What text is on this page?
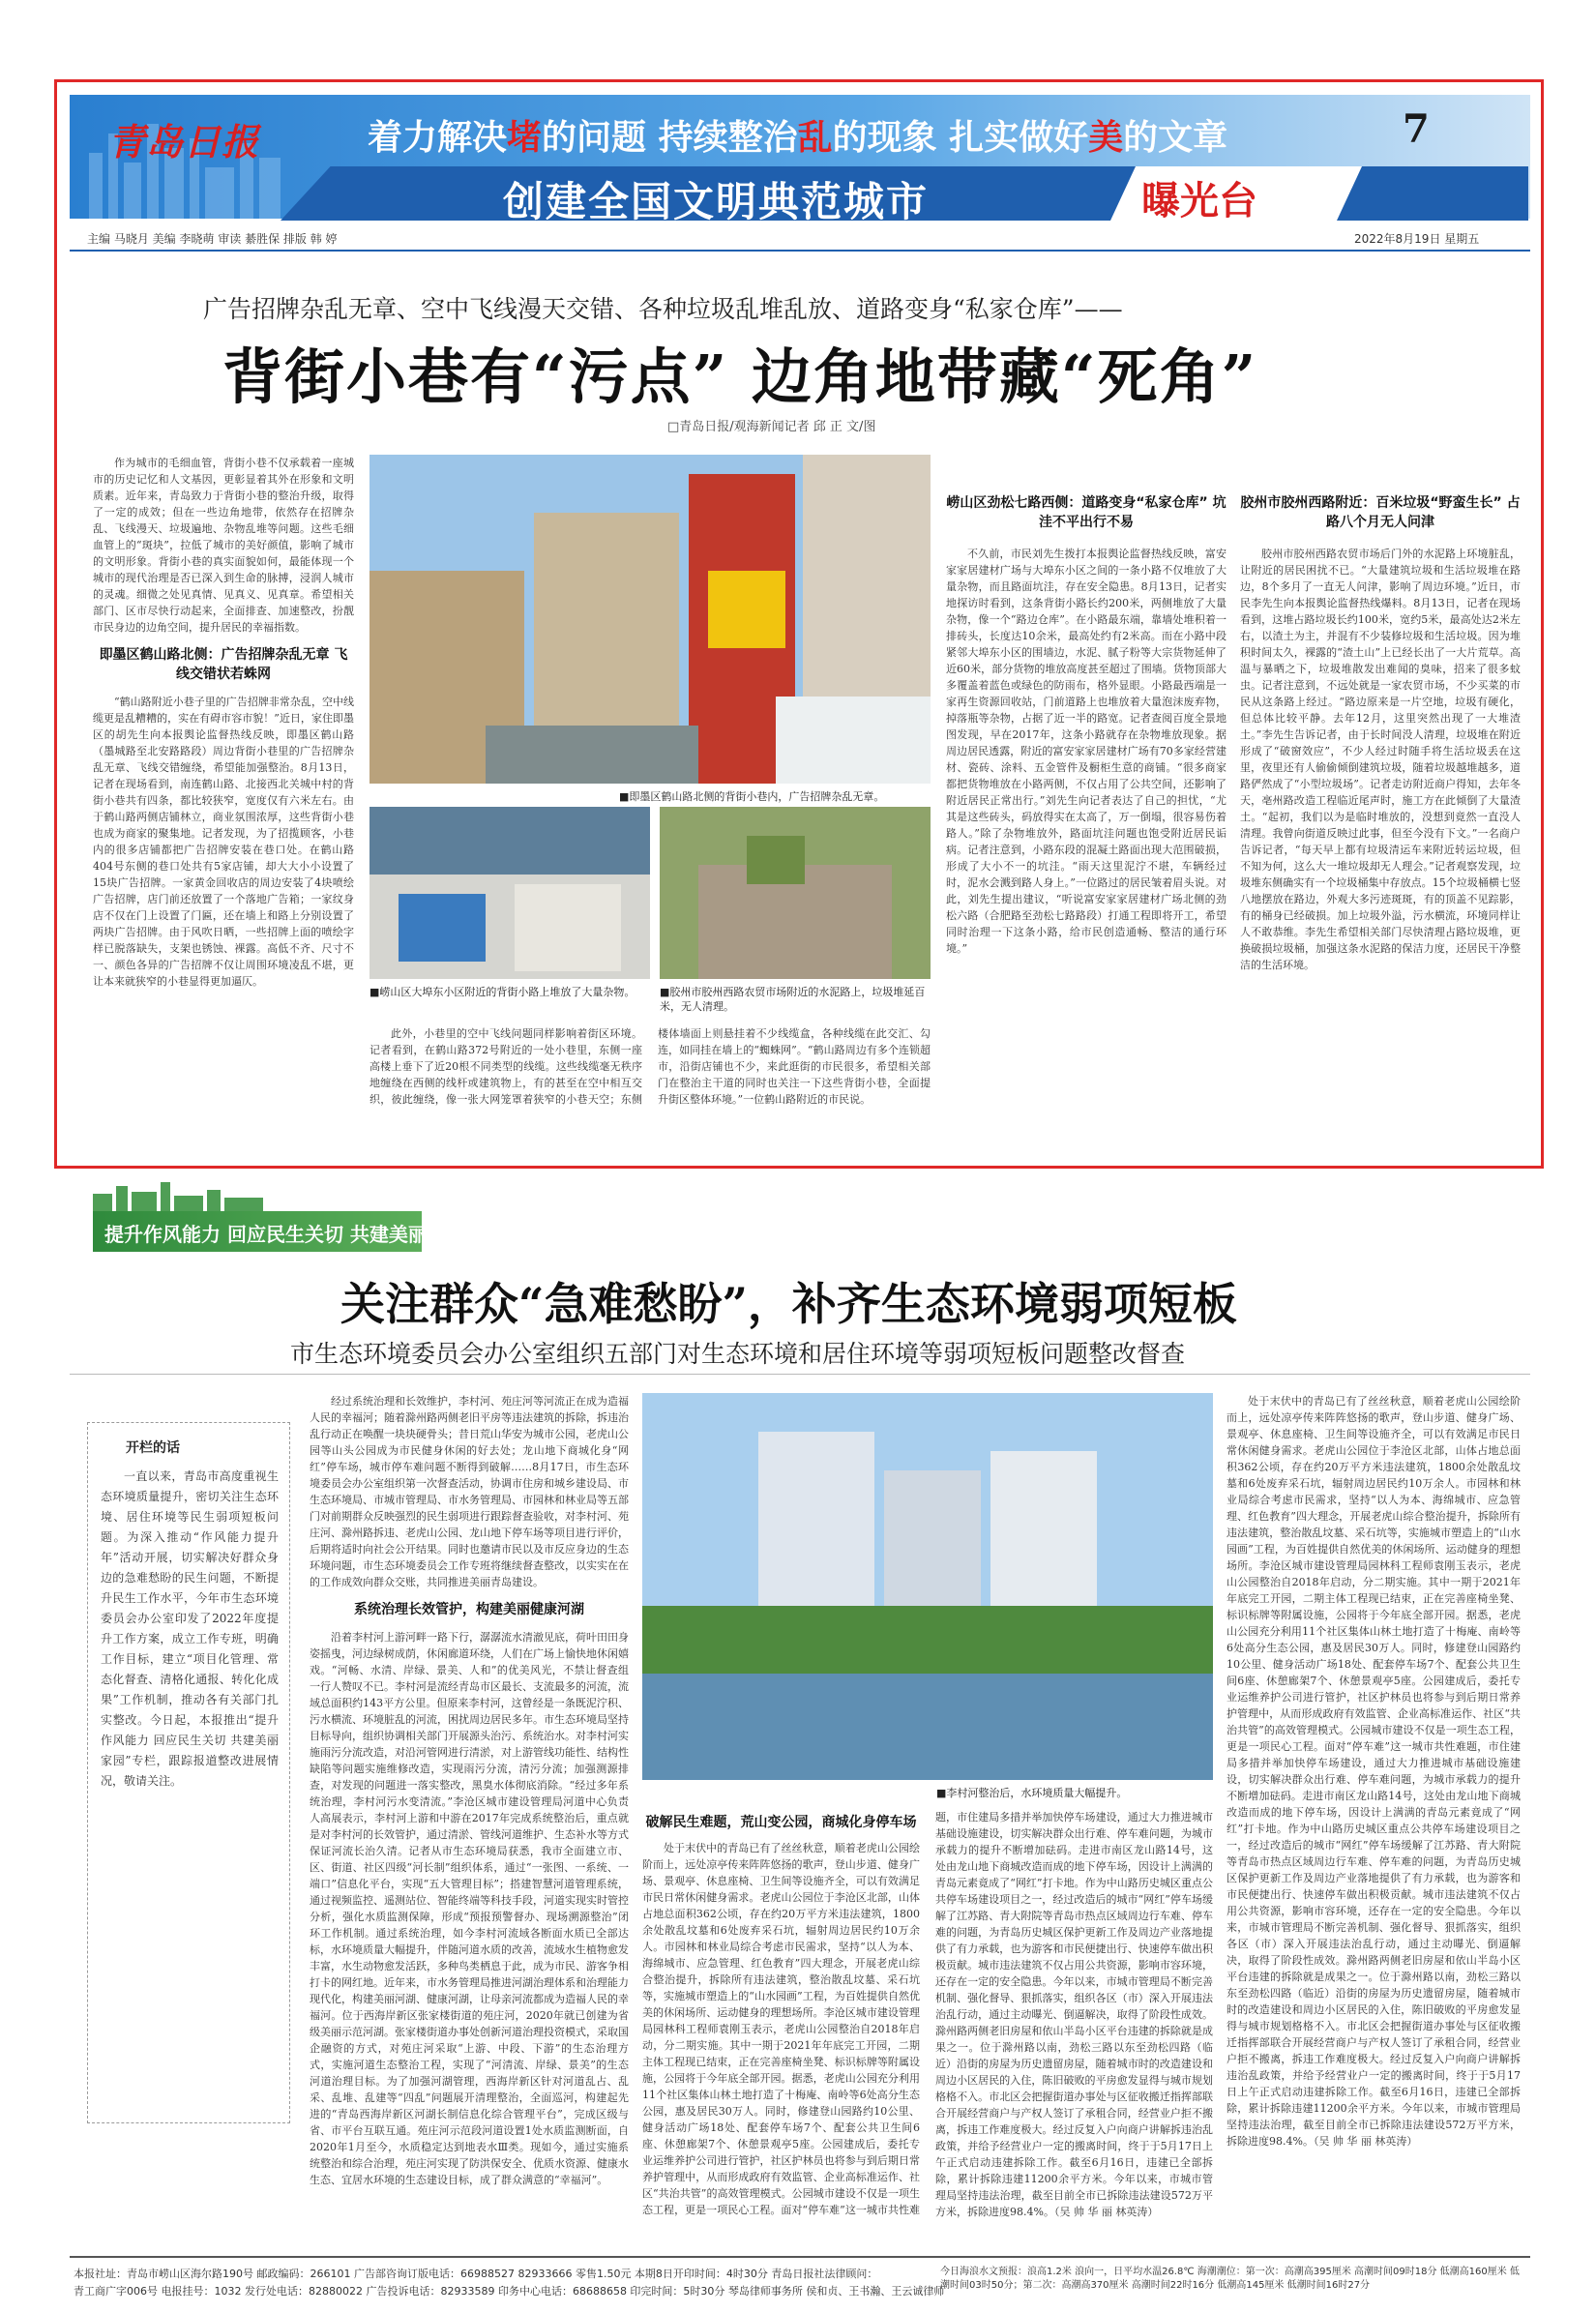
青岛日报	着力解决堵的问题 持续整治乱的现象 扎实做好美的文章	7
创建全国文明典范城市	曝光台
主编 马晓月 美编 李晓萌 审读 綦胜保 排版 韩 婷	2022年8月19日 星期五
广告招牌杂乱无章、空中飞线漫天交错、各种垃圾乱堆乱放、道路变身“私家仓库”——
背街小巷有“污点” 边角地带藏“死角”
□青岛日报/观海新闻记者 邱 正 文/图

作为城市的毛细血管，背街小巷不仅承载着一座城市的历史记忆和人文基因，更彰显着其外在形象和文明质素。近年来，青岛致力于背街小巷的整治升级，取得了一定的成效；但在一些边角地带，依然存在招牌杂乱、飞线漫天、垃圾遍地、杂物乱堆等问题。这些毛细血管上的“斑块”，拉低了城市的美好颜值，影响了城市的文明形象。背街小巷的真实面貌如何，最能体现一个城市的现代治理是否已深入到生命的脉搏，浸润人城市的灵魂。细微之处见真情、见真义、见真章。希望相关部门、区市尽快行动起来，全面排查、加速整改，扮靓市民身边的边角空间，提升居民的幸福指数。

即墨区鹤山路北侧：广告招牌杂乱无章 飞线交错状若蛛网

“鹤山路附近小巷子里的广告招牌非常杂乱，空中线缆更是乱糟糟的，实在有碍市容市貌！”近日，家住即墨区的胡先生向本报舆论监督热线反映，即墨区鹤山路（墨城路至北安路路段）周边背街小巷里的广告招牌杂乱无章、飞线交错缠绕，希望能加强整治。8月13日，记者在现场看到，南连鹤山路、北接西北关城中村的背街小巷共有四条，都比较狭窄，宽度仅有六米左右。由于鹤山路两侧店铺林立，商业氛围浓厚，这些背街小巷也成为商家的聚集地。记者发现，为了招揽顾客，小巷内的很多店铺都把广告招牌安装在巷口处。在鹤山路404号东侧的巷口处共有5家店铺，却大大小小设置了15块广告招牌。一家黄金回收店的周边安装了4块喷绘广告招牌，店门前还放置了一个落地广告箱；一家纹身店不仅在门上设置了门匾，还在墙上和路上分别设置了两块广告招牌。由于风吹日晒，一些招牌上面的喷绘字样已脱落缺失，支架也锈蚀、裸露。高低不齐、尺寸不一、颜色各异的广告招牌不仅让周围环境凌乱不堪，更让本来就狭窄的小巷显得更加逼仄。

■即墨区鹤山路北侧的背街小巷内，广告招牌杂乱无章。
■崂山区大埠东小区附近的背街小路上堆放了大量杂物。	■胶州市胶州西路农贸市场附近的水泥路上，垃圾堆延百米，无人清理。

此外，小巷里的空中飞线问题同样影响着街区环境。记者看到，在鹤山路372号附近的一处小巷里，东侧一座高楼上垂下了近20根不同类型的线缆。这些线缆毫无秩序地缠绕在西侧的线杆或建筑物上，有的甚至在空中相互交织，彼此缠绕，像一张大网笼罩着狭窄的小巷天空；东侧楼体墙面上则悬挂着不少线缆盒，各种线缆在此交汇、勾连，如同挂在墙上的“蜘蛛网”。“鹤山路周边有多个连锁超市，沿街店铺也不少，来此逛街的市民很多，希望相关部门在整治主干道的同时也关注一下这些背街小巷，全面提升街区整体环境。”一位鹤山路附近的市民说。

崂山区劲松七路西侧：道路变身“私家仓库” 坑洼不平出行不易

不久前，市民刘先生拨打本报舆论监督热线反映，富安家家居建材广场与大埠东小区之间的一条小路不仅堆放了大量杂物，而且路面坑洼，存在安全隐患。8月13日，记者实地探访时看到，这条背街小路长约200米，两侧堆放了大量杂物，像一个“路边仓库”。在小路最东端，靠墙处堆积着一排砖头，长度达10余米，最高处约有2米高。而在小路中段紧邻大埠东小区的围墙边，水泥、腻子粉等大宗货物延伸了近60米，部分货物的堆放高度甚至超过了围墙。货物顶部大多覆盖着蓝色或绿色的防雨布，格外显眼。小路最西端是一家再生资源回收站，门前道路上也堆放着大量泡沫废弃物，掉落瓶等杂物，占据了近一半的路宽。记者查阅百度全景地图发现，早在2017年，这条小路就存在杂物堆放现象。据周边居民透露，附近的富安家家居建材广场有70多家经营建材、瓷砖、涂料、五金管件及橱柜生意的商铺。“很多商家都把货物堆放在小路两侧，不仅占用了公共空间，还影响了附近居民正常出行。”刘先生向记者表达了自己的担忧，“尤其是这些砖头，码放得实在太高了，万一倒塌，很容易伤着路人。”除了杂物堆放外，路面坑洼问题也饱受附近居民诟病。记者注意到，小路东段的混凝土路面出现大范围破损，形成了大小不一的坑洼。“雨天这里泥泞不堪，车辆经过时，泥水会溅到路人身上。”一位路过的居民皱着眉头说。对此，刘先生提出建议，“听说富安家家居建材广场北侧的劲松六路（合肥路至劲松七路路段）打通工程即将开工，希望同时治理一下这条小路，给市民创造通畅、整洁的通行环境。”

胶州市胶州西路附近：百米垃圾“野蛮生长” 占路八个月无人问津

胶州市胶州西路农贸市场后门外的水泥路上环境脏乱，让附近的居民困扰不已。“大量建筑垃圾和生活垃圾堆在路边，8个多月了一直无人问津，影响了周边环境。”近日，市民李先生向本报舆论监督热线爆料。8月13日，记者在现场看到，这堆占路垃圾长约100米，宽约5米，最高处达2米左右，以渣土为主，并混有不少装修垃圾和生活垃圾。因为堆积时间太久，裸露的“渣土山”上已经长出了一大片荒草。高温与暴晒之下，垃圾堆散发出难闻的臭味，招来了很多蚊虫。记者注意到，不远处就是一家农贸市场，不少买菜的市民从这条路上经过。“路边原来是一片空地，垃圾有硬化，但总体比较平静。去年12月，这里突然出现了一大堆渣土。”李先生告诉记者，由于长时间没人清理，垃圾堆在附近形成了“破窗效应”，不少人经过时随手将生活垃圾丢在这里，夜里还有人偷偷倾倒建筑垃圾，随着垃圾越堆越多，道路俨然成了“小型垃圾场”。记者走访附近商户得知，去年冬天，亳州路改造工程临近尾声时，施工方在此倾倒了大量渣土。“起初，我们以为是临时堆放的，没想到竟然一直没人清理。我曾向街道反映过此事，但至今没有下文。”一名商户告诉记者，“每天早上都有垃圾清运车来附近转运垃圾，但不知为何，这么大一堆垃圾却无人理会。”记者观察发现，垃圾堆东侧确实有一个垃圾桶集中存放点。15个垃圾桶横七竖八地摆放在路边，外观大多污迹斑斑，有的顶盖不见踪影，有的桶身已经破损。加上垃圾外溢，污水横流，环境同样让人不敢恭维。李先生希望相关部门尽快清理占路垃圾堆，更换破损垃圾桶，加强这条水泥路的保洁力度，还居民干净整洁的生活环境。

提升作风能力 回应民生关切 共建美丽家园
关注群众“急难愁盼”，补齐生态环境弱项短板
市生态环境委员会办公室组织五部门对生态环境和居住环境等弱项短板问题整改督查
开栏的话

一直以来，青岛市高度重视生态环境质量提升，密切关注生态环境、居住环境等民生弱项短板问题。为深入推动“作风能力提升年”活动开展，切实解决好群众身边的急难愁盼的民生问题，不断提升民生工作水平，今年市生态环境委员会办公室印发了2022年度提升工作方案，成立工作专班，明确工作目标，建立“项目化管理、常态化督查、清格化通报、转化化成果”工作机制，推动各有关部门扎实整改。今日起，本报推出“提升作风能力 回应民生关切 共建美丽家园”专栏，跟踪报道整改进展情况，敬请关注。

经过系统治理和长效维护，李村河、苑庄河等河流正在成为造福人民的幸福河；随着滁州路两侧老旧平房等违法建筑的拆除，拆违治乱行动正在唤醒一块块硬骨头；昔日荒山华安为城市公园，老虎山公园等山头公园成为市民健身休闲的好去处；龙山地下商城化身“网红”停车场，城市停车难问题不断得到破解……8月17日，市生态环境委员会办公室组织第一次督查活动，协调市住房和城乡建设局、市生态环境局、市城市管理局、市水务管理局、市园林和林业局等五部门对前期群众反映强烈的民生弱项进行跟踪督查验收，对李村河、苑庄河、滁州路拆违、老虎山公园、龙山地下停车场等项目进行评价，后期将适时向社会公开结果。同时也邀请市民以及市反应身边的生态环境问题，市生态环境委员会工作专班将继续督查整改，以实实在在的工作成效向群众交账，共同推进美丽青岛建设。

系统治理长效管护，构建美丽健康河湖

沿着李村河上游河畔一路下行，潺潺流水清澈见底，荷叶田田身姿摇曳，河边绿树成荫，休闲廊道环绕，人们在广场上愉快地休闲嬉戏。“河畅、水清、岸绿、景美、人和”的优美风光，不禁让督查组一行人赞叹不已。李村河是流经青岛市区最长、支流最多的河流，流域总面积约143平方公里。但原来李村河，这曾经是一条既泥泞积、污水横流、环境脏乱的河流，困扰周边居民多年。市生态环境局坚持目标导向，组织协调相关部门开展源头治污、系统治水。对李村河实施雨污分流改造，对沿河管网进行清淤，对上游管线功能性、结构性缺陷等问题实施维修改造，实现雨污分流，清污分流；加强测源排查，对发现的问题进一落实整改，黑臭水体彻底消除。“经过多年系统治理，李村河污水变清流。”李沧区城市建设管理局河道中心负责人高展表示，李村河上游和中游在2017年完成系统整治后，重点就是对李村河的长效管护，通过清淤、管线河道维护、生态补水等方式保证河流长治久清。记者从市生态环境局获悉，我市全面建立市、区、街道、社区四级“河长制”组织体系，通过“一张图、一系统、一端口”信息化平台，实现“五大管理目标”；搭建智慧河道管理系统，通过视频监控、遥测站位、智能终端等科技手段，河道实现实时管控分析，强化水质监测保障，形成“预报预警督办、现场溯源整治”闭环工作机制。通过系统治理，如今李村河流域各断面水质已全部达标，水环境质量大幅提升，伴随河道水质的改善，流域水生植物愈发丰富，水生动物愈发活跃，多种鸟类栖息于此，成为市民、游客争相打卡的网红地。近年来，市水务管理局推进河湖治理体系和治理能力现代化，构建美丽河湖、健康河湖，让母亲河流都成为造福人民的幸福河。位于西海岸新区张家楼街道的苑庄河，2020年就已创建为省级美丽示范河湖。张家楼街道办事处创新河道治理投资模式，采取国企融资的方式，对苑庄河采取“上游、中段、下游”的生态治理方式，实施河道生态整治工程，实现了“河清流、岸绿、景美”的生态河道治理目标。为了加强河湖管理，西海岸新区针对河道乱占、乱采、乱堆、乱建等“四乱”问题展开清理整治，全面巡河，构建起先进的“青岛西海岸新区河湖长制信息化综合管理平台”，完成区级与省、市平台互联互通。苑庄河示范段河道设置1处水质监测断面，自2020年1月至今，水质稳定达到地表水Ⅲ类。现如今，通过实施系统整治和综合治理，苑庄河实现了防洪保安全、优质水资源、健康水生态、宜居水环境的生态建设目标，成了群众满意的“幸福河”。

■李村河整治后，水环境质量大幅提升。
破解民生难题，荒山变公园，商城化身停车场

处于末伏中的青岛已有了丝丝秋意，顺着老虎山公园绘阶而上，远处凉亭传来阵阵悠扬的歌声，登山步道、健身广场、景观亭、休息座椅、卫生间等设施齐全，可以有效满足市民日常休闲健身需求。老虎山公园位于李沧区北部，山体占地总面积362公顷，存在约20万平方米违法建筑，1800余处散乱坟墓和6处废弃采石坑，辐射周边居民约10万余人。市园林和林业局综合考虑市民需求，坚持“以人为本、海绵城市、应急管理、红色教育”四大理念，开展老虎山综合整治提升，拆除所有违法建筑，整治散乱坟墓、采石坑等，实施城市塑造上的“山水园画”工程，为百姓提供自然优美的休闲场所、运动健身的理想场所。李沧区城市建设管理局园林科工程师袁刚玉表示，老虎山公园整治自2018年启动，分二期实施。其中一期于2021年年底完工开园，二期主体工程现已结束，正在完善座椅坐凳、标识标牌等附属设施，公园将于今年底全部开园。据悉，老虎山公园充分利用11个社区集体山林土地打造了十梅庵、南岭等6处高分生态公园，惠及居民30万人。同时，修建登山园路约10公里、健身活动广场18处、配套停车场7个、配套公共卫生间6座、休憩廊架7个、休憩景观亭5座。公园建成后，委托专业运维养护公司进行管护，社区护林员也将参与到后期日常养护管理中，从而形成政府有效监管、企业高标准运作、社区“共治共管”的高效管理模式。公园城市建设不仅是一项生态工程，更是一项民心工程。面对“停车难”这一城市共性难题，市住建局多措并举加快停车场建设，通过大力推进城市基础设施建设，切实解决群众出行难、停车难问题，为城市承载力的提升不断增加砝码。走进市南区龙山路14号，这处由龙山地下商城改造而成的地下停车场，因设计上满满的青岛元素竟成了“网红”打卡地。作为中山路历史城区重点公共停车场建设项目之一，经过改造后的城市“网红”停车场缓解了江苏路、青大附院等青岛市热点区域周边行车难、停车难的问题，为青岛历史城区保护更新工作及周边产业落地提供了有力承载，也为游客和市民便捷出行、快速停车做出积极贡献。城市违法建筑不仅占用公共资源，影响市容环境，还存在一定的安全隐患。今年以来，市城市管理局不断完善机制、强化督导、狠抓落实，组织各区（市）深入开展违法治乱行动，通过主动曝光、倒逼解决，取得了阶段性成效。滁州路两侧老旧房屋和依山半岛小区平台违建的拆除就是成果之一。位于滁州路以南，劲松三路以东至劲松四路（临近）沿街的房屋为历史遗留房屋，随着城市时的改造建设和周边小区居民的入住，陈旧破败的平房愈发显得与城市规划格格不入。市北区会把握街道办事处与区征收搬迁指挥部联合开展经营商户与产权人签订了承租合同，经营业户拒不搬离，拆违工作难度极大。经过反复入户向商户讲解拆违治乱政策，并给予经营业户一定的搬离时间，终于于5月17日上午正式启动违建拆除工作。截至6月16日，违建已全部拆除，累计拆除违建11200余平方米。今年以来，市城市管理局坚持违法治理，截至目前全市已拆除违法建设572万平方米，拆除进度98.4%。（吴 帅 华 丽 林英涛）

处于末伏中的青岛已有了丝丝秋意，顺着老虎山公园绘阶而上，远处凉亭传来阵阵悠扬的歌声，登山步道、健身广场、景观亭、休息座椅、卫生间等设施齐全，可以有效满足市民日常休闲健身需求。老虎山公园位于李沧区北部，山体占地总面积362公顷，存在约20万平方米违法建筑，1800余处散乱坟墓和6处废弃采石坑，辐射周边居民约10万余人。市园林和林业局综合考虑市民需求，坚持“以人为本、海绵城市、应急管理、红色教育”四大理念，开展老虎山综合整治提升，拆除所有违法建筑，整治散乱坟墓、采石坑等，实施城市塑造上的“山水园画”工程，为百姓提供自然优美的休闲场所、运动健身的理想场所。李沧区城市建设管理局园林科工程师袁刚玉表示，老虎山公园整治自2018年启动，分二期实施。其中一期于2021年年底完工开园，二期主体工程现已结束，正在完善座椅坐凳、标识标牌等附属设施，公园将于今年底全部开园。据悉，老虎山公园充分利用11个社区集体山林土地打造了十梅庵、南岭等6处高分生态公园，惠及居民30万人。同时，修建登山园路约10公里、健身活动广场18处、配套停车场7个、配套公共卫生间6座、休憩廊架7个、休憩景观亭5座。公园建成后，委托专业运维养护公司进行管护，社区护林员也将参与到后期日常养护管理中，从而形成政府有效监管、企业高标准运作、社区“共治共管”的高效管理模式。公园城市建设不仅是一项生态工程，更是一项民心工程。面对“停车难”这一城市共性难题，市住建局多措并举加快停车场建设，通过大力推进城市基础设施建设，切实解决群众出行难、停车难问题，为城市承载力的提升不断增加砝码。走进市南区龙山路14号，这处由龙山地下商城改造而成的地下停车场，因设计上满满的青岛元素竟成了“网红”打卡地。作为中山路历史城区重点公共停车场建设项目之一，经过改造后的城市“网红”停车场缓解了江苏路、青大附院等青岛市热点区域周边行车难、停车难的问题，为青岛历史城区保护更新工作及周边产业落地提供了有力承载，也为游客和市民便捷出行、快速停车做出积极贡献。城市违法建筑不仅占用公共资源，影响市容环境，还存在一定的安全隐患。今年以来，市城市管理局不断完善机制、强化督导、狠抓落实，组织各区（市）深入开展违法治乱行动，通过主动曝光、倒逼解决，取得了阶段性成效。滁州路两侧老旧房屋和依山半岛小区平台违建的拆除就是成果之一。位于滁州路以南，劲松三路以东至劲松四路（临近）沿街的房屋为历史遗留房屋，随着城市时的改造建设和周边小区居民的入住，陈旧破败的平房愈发显得与城市规划格格不入。市北区会把握街道办事处与区征收搬迁指挥部联合开展经营商户与产权人签订了承租合同，经营业户拒不搬离，拆违工作难度极大。经过反复入户向商户讲解拆违治乱政策，并给予经营业户一定的搬离时间，终于于5月17日上午正式启动违建拆除工作。截至6月16日，违建已全部拆除，累计拆除违建11200余平方米。今年以来，市城市管理局坚持违法治理，截至目前全市已拆除违法建设572万平方米，拆除进度98.4%。（吴 帅 华 丽 林英涛）

本报社址：青岛市崂山区海尔路190号 邮政编码：266101 广告部咨询订版电话：66988527 82933666 零售1.50元 本期8日开印时间：4时30分 青岛日报社法律顾问：
青工商广字006号 电报挂号：1032 发行处电话：82880022 广告投诉电话：82933589 印务中心电话：68688658 印完时间：5时30分 琴岛律师事务所 侯和贞、王书瀚、王云诚律师
今日海浪水文预报：浪高1.2米 浪向一，日平均水温26.8℃ 海潮潮位：第一次：高潮高395厘米 高潮时间09时18分 低潮高160厘米 低潮时间03时50分；第二次：高潮高370厘米 高潮时间22时16分 低潮高145厘米 低潮时间16时27分
